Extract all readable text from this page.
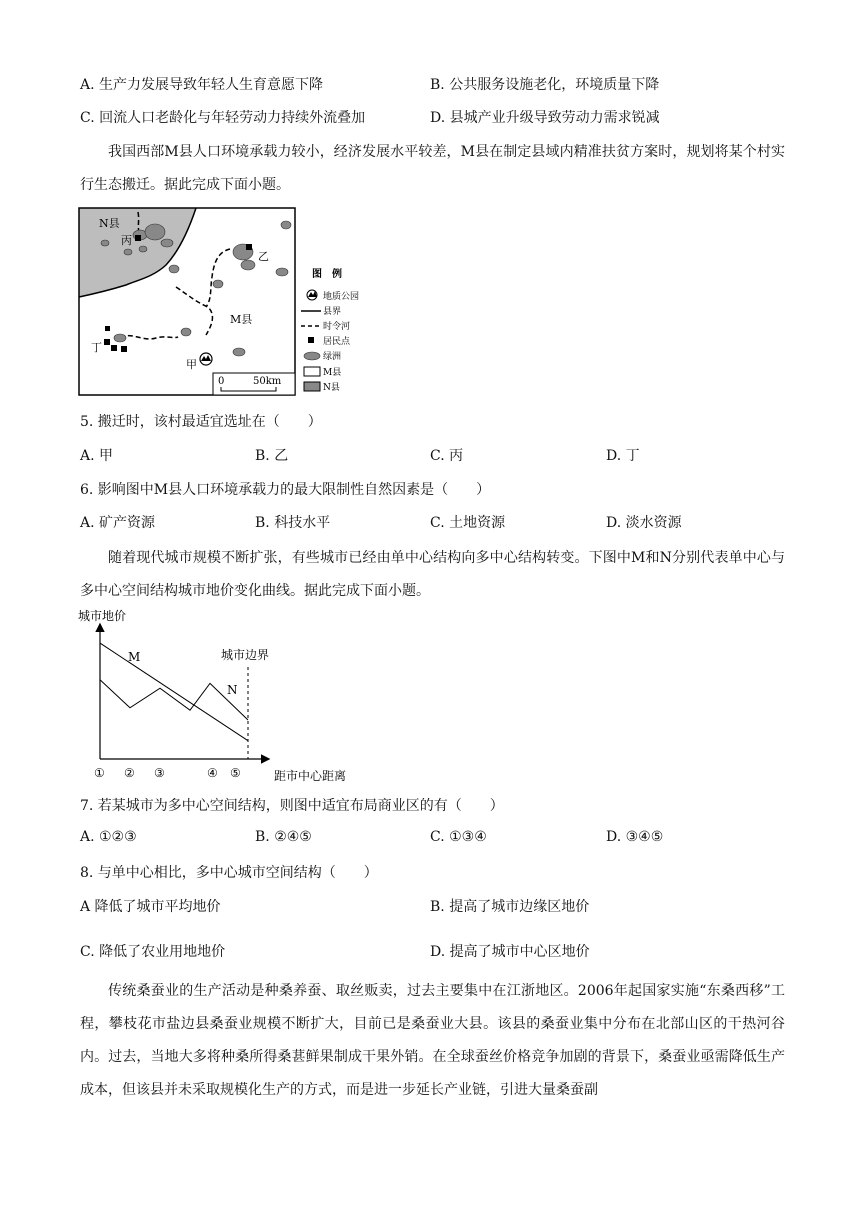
A. 生产力发展导致年轻人生育意愿下降	B. 公共服务设施老化，环境质量下降
C. 回流人口老龄化与年轻劳动力持续外流叠加	D. 县城产业升级导致劳动力需求锐减
我国西部M县人口环境承载力较小，经济发展水平较差，M县在制定县域内精准扶贫方案时，规划将某个村实行生态搬迁。据此完成下面小题。
N县
丙
乙
M县
丁
甲
0	50km
图　例
地质公园
县界
时令河
居民点
绿洲
M县
N县
5. 搬迁时，该村最适宜选址在（　　）
A. 甲	B. 乙	C. 丙	D. 丁
6. 影响图中M县人口环境承载力的最大限制性自然因素是（　　）
A. 矿产资源	B. 科技水平	C. 土地资源	D. 淡水资源
随着现代城市规模不断扩张，有些城市已经由单中心结构向多中心结构转变。下图中M和N分别代表单中心与多中心空间结构城市地价变化曲线。据此完成下面小题。
城市地价
城市边界
M
N
① ② ③	④ ⑤	距市中心距离
7. 若某城市为多中心空间结构，则图中适宜布局商业区的有（　　）
A. ①②③	B. ②④⑤	C. ①③④	D. ③④⑤
8. 与单中心相比，多中心城市空间结构（　　）
A 降低了城市平均地价	B. 提高了城市边缘区地价
C. 降低了农业用地地价	D. 提高了城市中心区地价
传统桑蚕业的生产活动是种桑养蚕、取丝贩卖，过去主要集中在江浙地区。2006年起国家实施“东桑西移”工程，攀枝花市盐边县桑蚕业规模不断扩大，目前已是桑蚕业大县。该县的桑蚕业集中分布在北部山区的干热河谷内。过去，当地大多将种桑所得桑葚鲜果制成干果外销。在全球蚕丝价格竞争加剧的背景下，桑蚕业亟需降低生产成本，但该县并未采取规模化生产的方式，而是进一步延长产业链，引进大量桑蚕副
